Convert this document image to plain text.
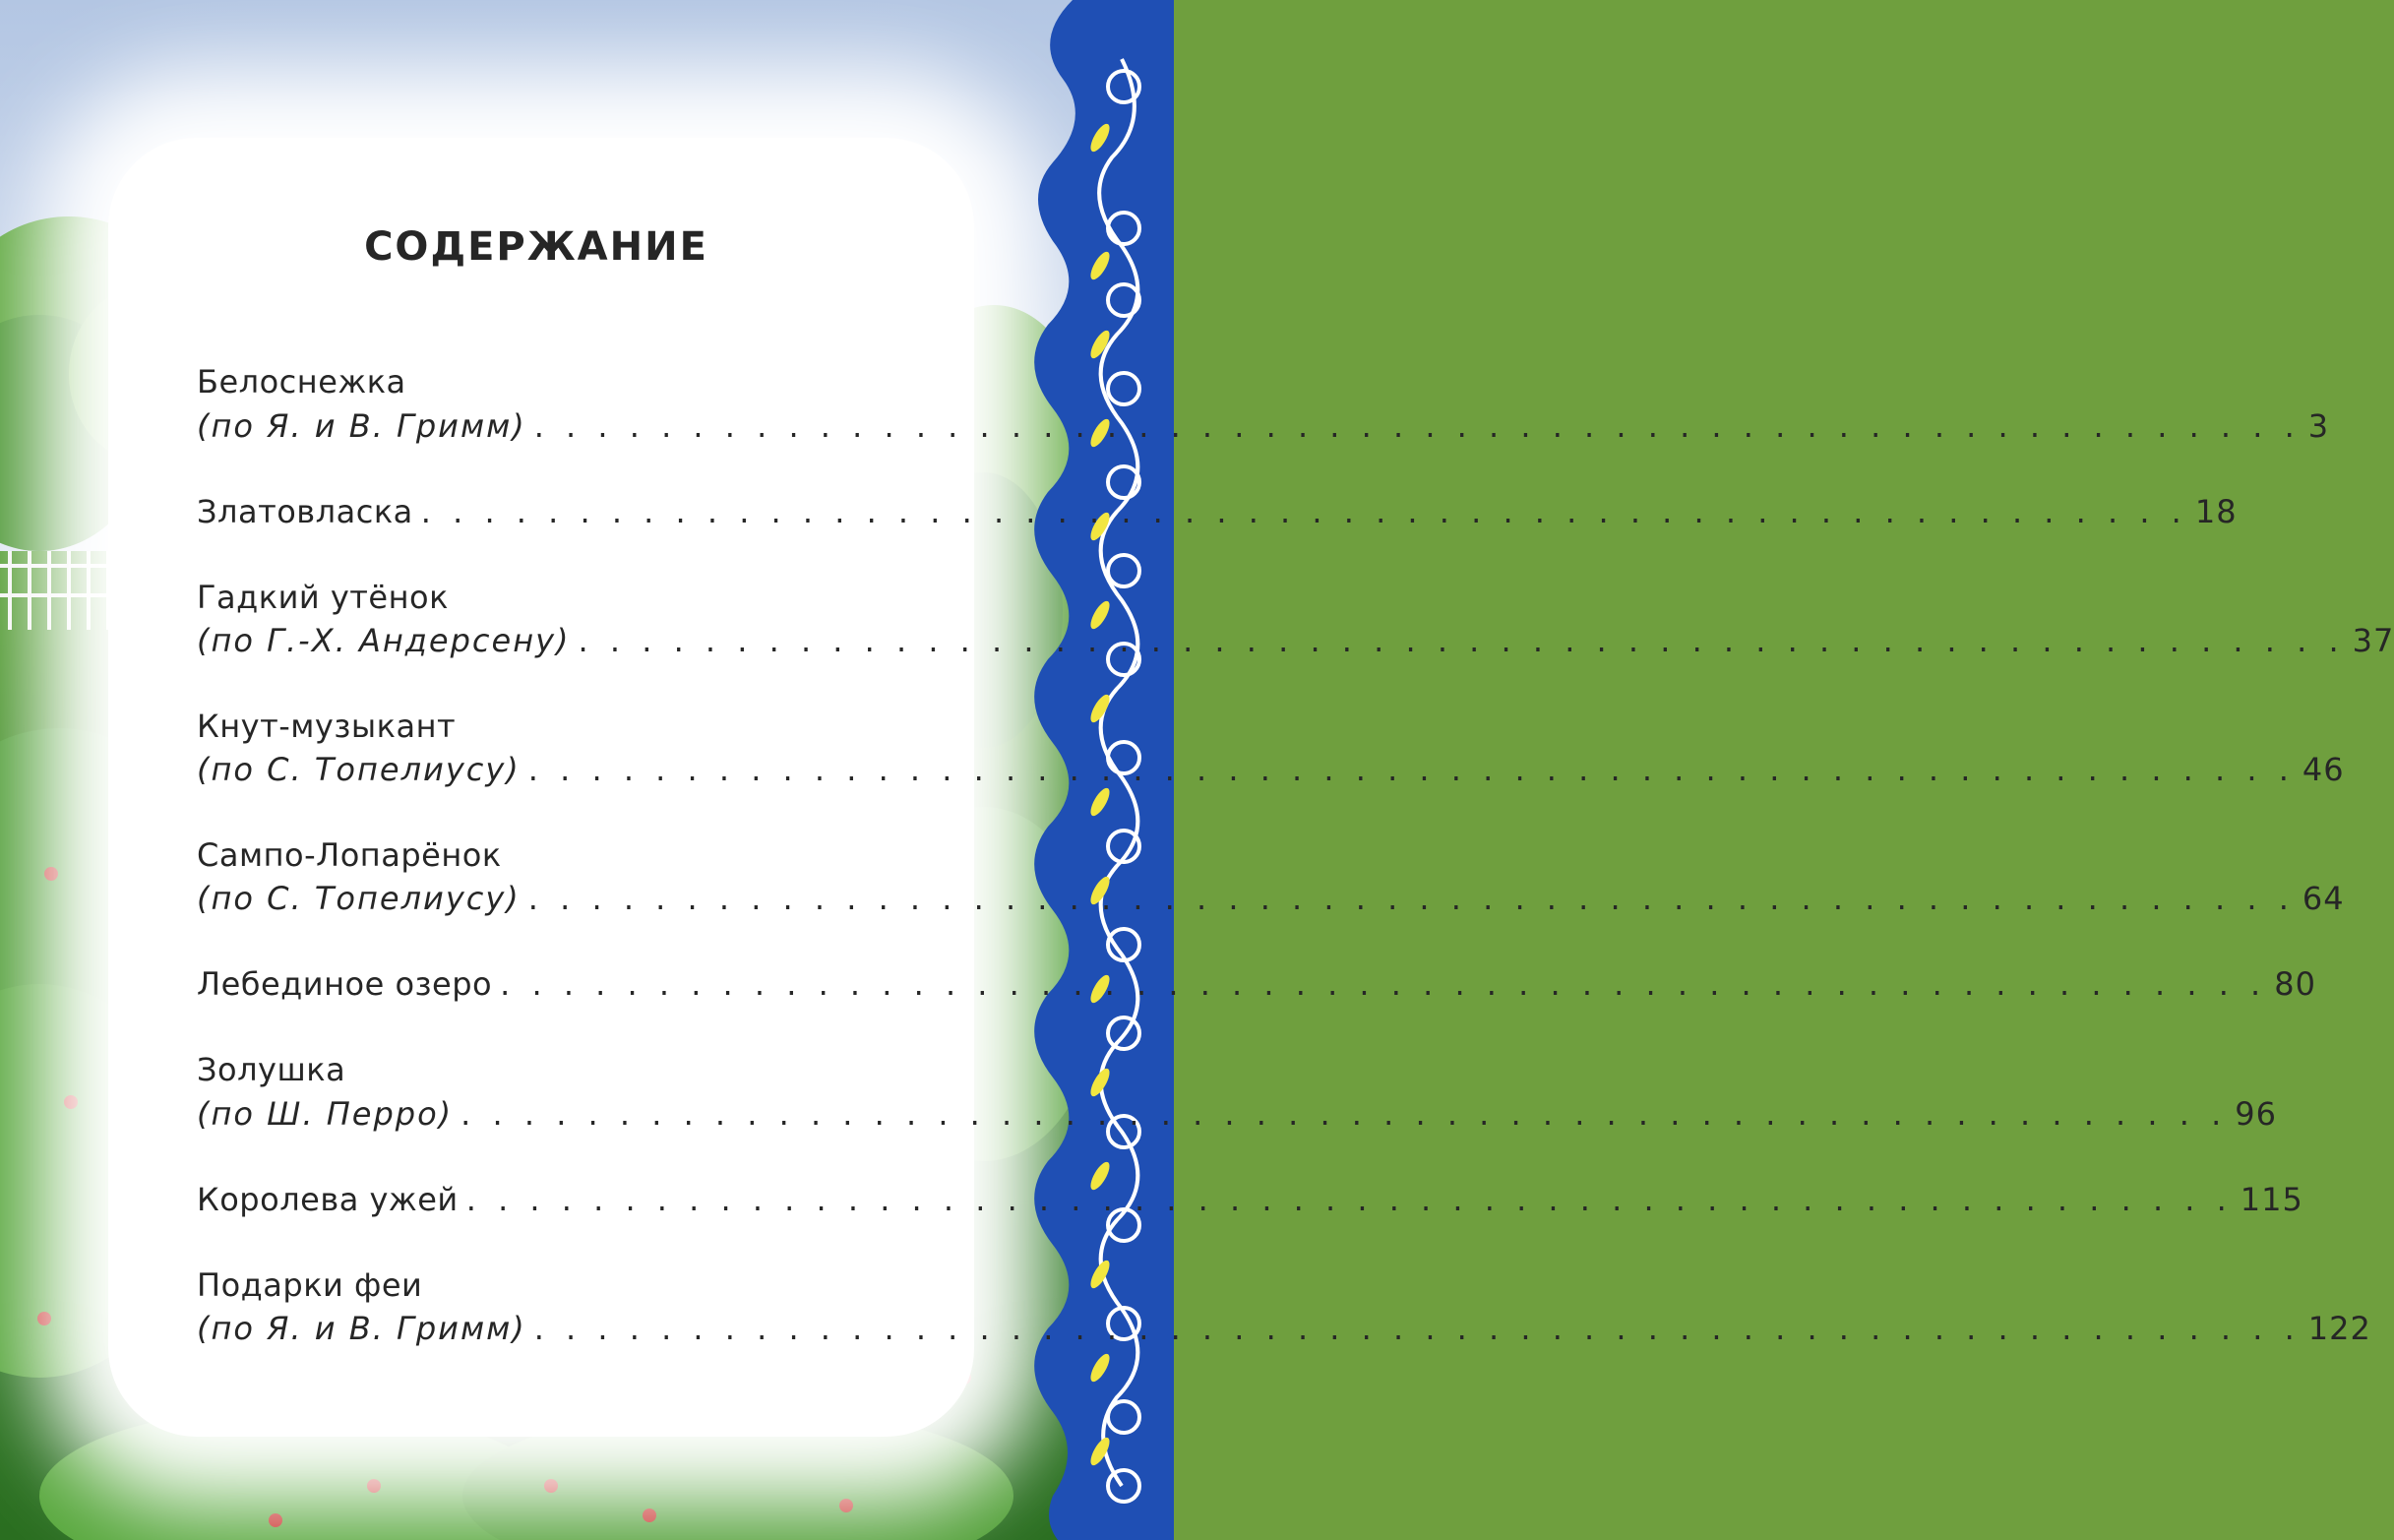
СОДЕРЖАНИЕ
Белоснежка
(по Я. и В. Гримм) . . . . . . . . . . . . . . . . . . . . . . . . . . . . . . . . . . . . . . . . . . . . . . . . . . . . . . . . 3
Златовласка . . . . . . . . . . . . . . . . . . . . . . . . . . . . . . . . . . . . . . . . . . . . . . . . . . . . . . . . 18
Гадкий утёнок
(по Г.-Х. Андерсену) . . . . . . . . . . . . . . . . . . . . . . . . . . . . . . . . . . . . . . . . . . . . . . . . . . . . . . . . 37
Кнут-музыкант
(по С. Топелиусу) . . . . . . . . . . . . . . . . . . . . . . . . . . . . . . . . . . . . . . . . . . . . . . . . . . . . . . . . 46
Сампо-Лопарёнок
(по С. Топелиусу) . . . . . . . . . . . . . . . . . . . . . . . . . . . . . . . . . . . . . . . . . . . . . . . . . . . . . . . . 64
Лебединое озеро . . . . . . . . . . . . . . . . . . . . . . . . . . . . . . . . . . . . . . . . . . . . . . . . . . . . . . . . 80
Золушка
(по Ш. Перро) . . . . . . . . . . . . . . . . . . . . . . . . . . . . . . . . . . . . . . . . . . . . . . . . . . . . . . . . 96
Королева ужей . . . . . . . . . . . . . . . . . . . . . . . . . . . . . . . . . . . . . . . . . . . . . . . . . . . . . . . . 115
Подарки феи
(по Я. и В. Гримм) . . . . . . . . . . . . . . . . . . . . . . . . . . . . . . . . . . . . . . . . . . . . . . . . . . . . . . . . 122
